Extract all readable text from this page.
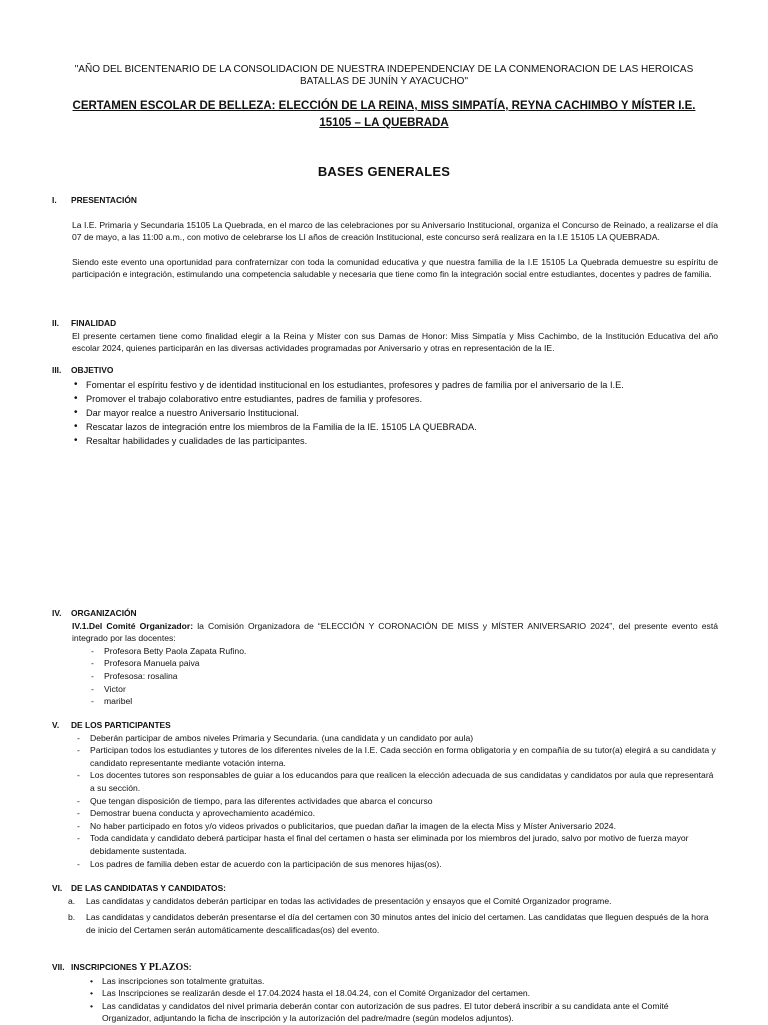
"AÑO DEL BICENTENARIO DE LA CONSOLIDACION DE NUESTRA INDEPENDENCIAY DE LA CONMENORACION DE LAS HEROICAS BATALLAS DE JUNÍN Y AYACUCHO"
CERTAMEN ESCOLAR DE BELLEZA: ELECCIÓN DE LA REINA, MISS SIMPATÍA, REYNA CACHIMBO Y MÍSTER I.E. 15105 – LA QUEBRADA
BASES GENERALES
I.	PRESENTACIÓN

La I.E. Primaria y Secundaria 15105 La Quebrada, en el marco de las celebraciones por su Aniversario Institucional, organiza el Concurso de Reinado, a realizarse el día 07 de mayo, a las 11:00 a.m., con motivo de celebrarse los LI años de creación Institucional, este concurso será realizara en la I.E 15105 LA QUEBRADA.

Siendo este evento una oportunidad para confraternizar con toda la comunidad educativa y que nuestra familia de la I.E 15105 La Quebrada demuestre su espíritu de participación e integración, estimulando una competencia saludable y necesaria que tiene como fin la integración social entre estudiantes, docentes y padres de familia.

II.	FINALIDAD

El presente certamen tiene como finalidad elegir a la Reina y Míster con sus Damas de Honor: Miss Simpatía y Miss Cachimbo, de la Institución Educativa del año escolar 2024, quienes participarán en las diversas actividades programadas por Aniversario y otras en representación de la IE.

III.	OBJETIVO
• Fomentar el espíritu festivo y de identidad institucional en los estudiantes, profesores y padres de familia por el aniversario de la I.E.
• Promover el trabajo colaborativo entre estudiantes, padres de familia y profesores.
• Dar mayor realce a nuestro Aniversario Institucional.
• Rescatar lazos de integración entre los miembros de la Familia de la IE. 15105 LA QUEBRADA.
• Resaltar habilidades y cualidades de las participantes.
IV.	ORGANIZACIÓN

IV.1.Del Comité Organizador: la Comisión Organizadora de “ELECCIÓN Y CORONACIÓN DE MISS y MÍSTER ANIVERSARIO 2024”, del presente evento está integrado por las docentes:

- Profesora Betty Paola Zapata Rufino.
- Profesora Manuela paiva
- Profesosa: rosalina
- Victor
- maribel
V.	DE LOS PARTICIPANTES
- Deberán participar de ambos niveles Primaria y Secundaria. (una candidata y un candidato por aula)
- Participan todos los estudiantes y tutores de los diferentes niveles de la I.E. Cada sección en forma obligatoria y en compañía de su tutor(a) elegirá a su candidata y candidato representante mediante votación interna.
- Los docentes tutores son responsables de guiar a los educandos para que realicen la elección adecuada de sus candidatas y candidatos por aula que representará a su sección.
- Que tengan disposición de tiempo, para las diferentes actividades que abarca el concurso
- Demostrar buena conducta y aprovechamiento académico.
- No haber participado en fotos y/o videos privados o publicitarios, que puedan dañar la imagen de la electa Miss y Míster Aniversario 2024.
- Toda candidata y candidato deberá participar hasta el final del certamen o hasta ser eliminada por los miembros del jurado, salvo por motivo de fuerza mayor debidamente sustentada.
- Los padres de familia deben estar de acuerdo con la participación de sus menores hijas(os).
VI.	DE LAS CANDIDATAS Y CANDIDATOS:
a. Las candidatas y candidatos deberán participar en todas las actividades de presentación y ensayos que el Comité Organizador programe.
b. Las candidatas y candidatos deberán presentarse el día del certamen con 30 minutos antes del inicio del certamen. Las candidatas que lleguen después de la hora de inicio del Certamen serán automáticamente descalificadas(os) del evento.
VII. INSCRIPCIONES Y PLAZOS:
• Las inscripciones son totalmente gratuitas.
• Las Inscripciones se realizarán desde el 17.04.2024 hasta el 18.04.24, con el Comité Organizador del certamen.
• Las candidatas y candidatos del nivel primaria deberán contar con autorización de sus padres. El tutor deberá inscribir a su candidata ante el Comité Organizador, adjuntando la ficha de inscripción y la autorización del padre/madre (según modelos adjuntos).
